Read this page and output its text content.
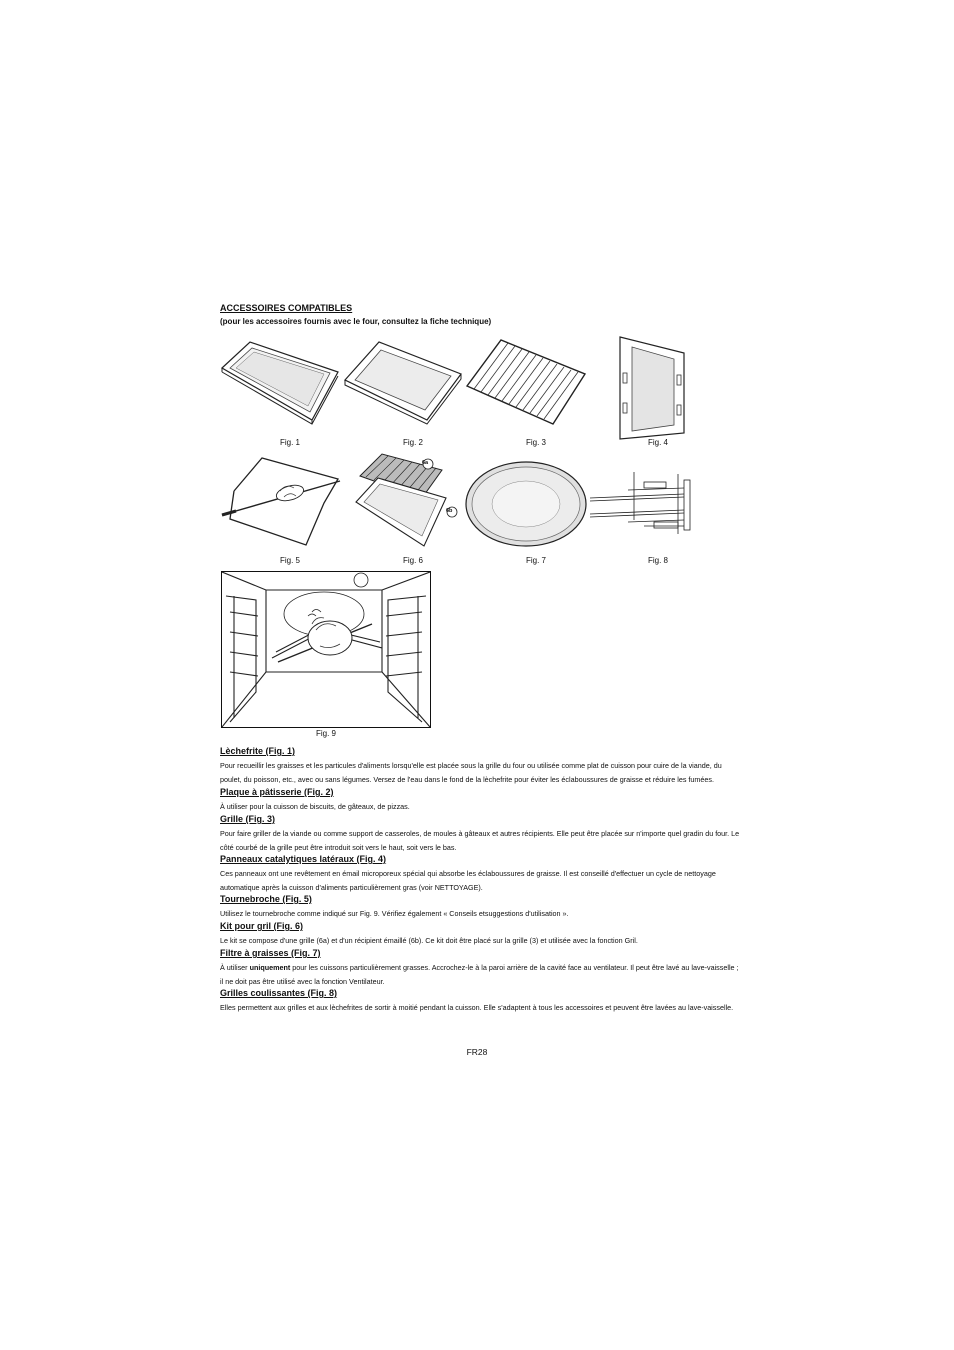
ACCESSOIRES COMPATIBLES
(pour les accessoires fournis avec le four, consultez la fiche technique)
Fig. 1	Fig. 2	Fig. 3	Fig. 4
Fig. 5
6a
6b
Fig. 6	Fig. 7	Fig. 8
Fig. 9
Lèchefrite (Fig. 1)

Pour recueillir les graisses et les particules d'aliments lorsqu'elle est placée sous la grille du four ou utilisée comme plat de cuisson pour cuire de la viande, du poulet, du poisson, etc., avec ou sans légumes. Versez de l'eau dans le fond de la lèchefrite pour éviter les éclaboussures de graisse et réduire les fumées.

Plaque à pâtisserie (Fig. 2)

À utiliser pour la cuisson de biscuits, de gâteaux, de pizzas.

Grille (Fig. 3)

Pour faire griller de la viande ou comme support de casseroles, de moules à gâteaux et autres récipients. Elle peut être placée sur n'importe quel gradin du four. Le côté courbé de la grille peut être introduit soit vers le haut, soit vers le bas.

Panneaux catalytiques latéraux (Fig. 4)

Ces panneaux ont une revêtement en émail microporeux spécial qui absorbe les éclaboussures de graisse. Il est conseillé d'effectuer un cycle de nettoyage automatique après la cuisson d'aliments particulièrement gras (voir NETTOYAGE).

Tournebroche (Fig. 5)

Utilisez le tournebroche comme indiqué sur Fig. 9. Vérifiez également « Conseils etsuggestions d'utilisation ».

Kit pour gril (Fig. 6)

Le kit se compose d'une grille (6a) et d'un récipient émaillé (6b). Ce kit doit être placé sur la grille (3) et utilisée avec la fonction Gril.

Filtre à graisses (Fig. 7)

À utiliser uniquement pour les cuissons particulièrement grasses. Accrochez-le à la paroi arrière de la cavité face au ventilateur. Il peut être lavé au lave-vaisselle ; il ne doit pas être utilisé avec la fonction Ventilateur.

Grilles coulissantes (Fig. 8)

Elles permettent aux grilles et aux lèchefrites de sortir à moitié pendant la cuisson. Elle s'adaptent à tous les accessoires et peuvent être lavées au lave-vaisselle.

FR28
